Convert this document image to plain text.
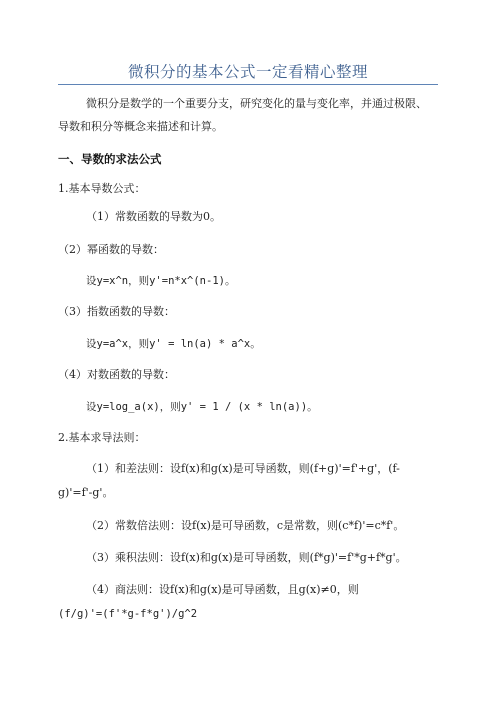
微积分的基本公式一定看精心整理
微积分是数学的一个重要分支，研究变化的量与变化率，并通过极限、
导数和积分等概念来描述和计算。
一、导数的求法公式
1.基本导数公式：
（1）常数函数的导数为0。
（2）幂函数的导数：
设y=x^n，则y'=n*x^(n-1)。
（3）指数函数的导数：
设y=a^x，则y' = ln(a) * a^x。
（4）对数函数的导数：
设y=log_a(x)，则y' = 1 / (x * ln(a))。
2.基本求导法则：
（1）和差法则：设f(x)和g(x)是可导函数，则(f+g)'=f'+g'，(f-
g)'=f'-g'。
（2）常数倍法则：设f(x)是可导函数，c是常数，则(c*f)'=c*f'。
（3）乘积法则：设f(x)和g(x)是可导函数，则(f*g)'=f'*g+f*g'。
（4）商法则：设f(x)和g(x)是可导函数，且g(x)≠0，则
(f/g)'=(f'*g-f*g')/g^2
